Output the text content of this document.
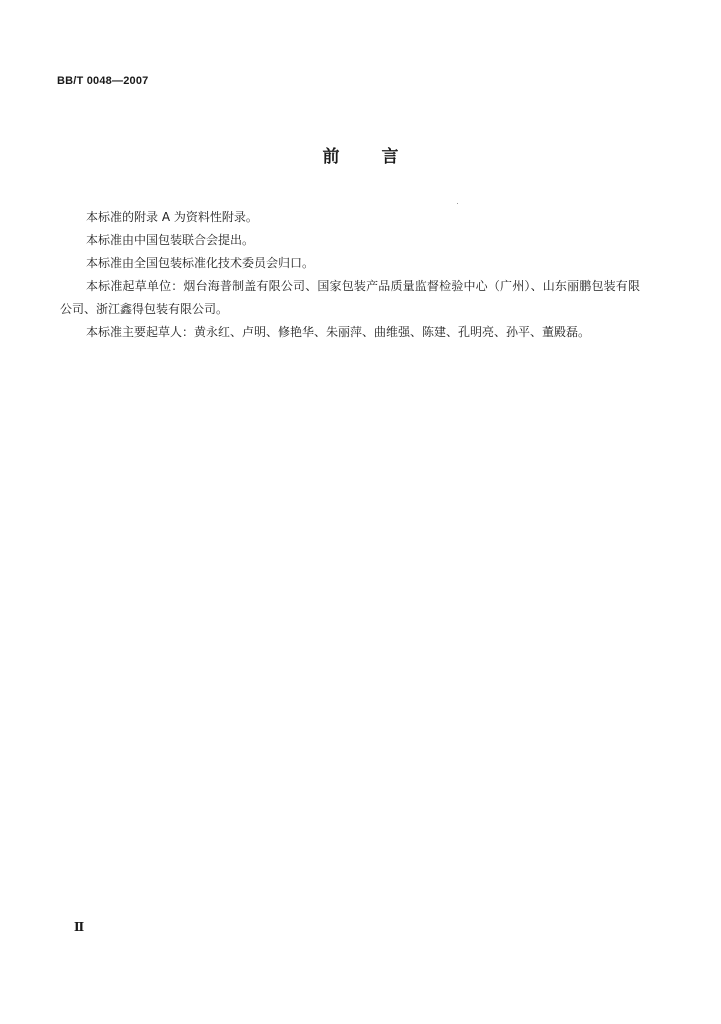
BB/T 0048—2007
前 言

本标准的附录 A 为资料性附录。

本标准由中国包装联合会提出。

本标准由全国包装标准化技术委员会归口。

本标准起草单位：烟台海普制盖有限公司、国家包装产品质量监督检验中心（广州）、山东丽鹏包装有限公司、浙江鑫得包装有限公司。

本标准主要起草人：黄永红、卢明、修艳华、朱丽萍、曲维强、陈建、孔明亮、孙平、董殿磊。

Ⅱ
